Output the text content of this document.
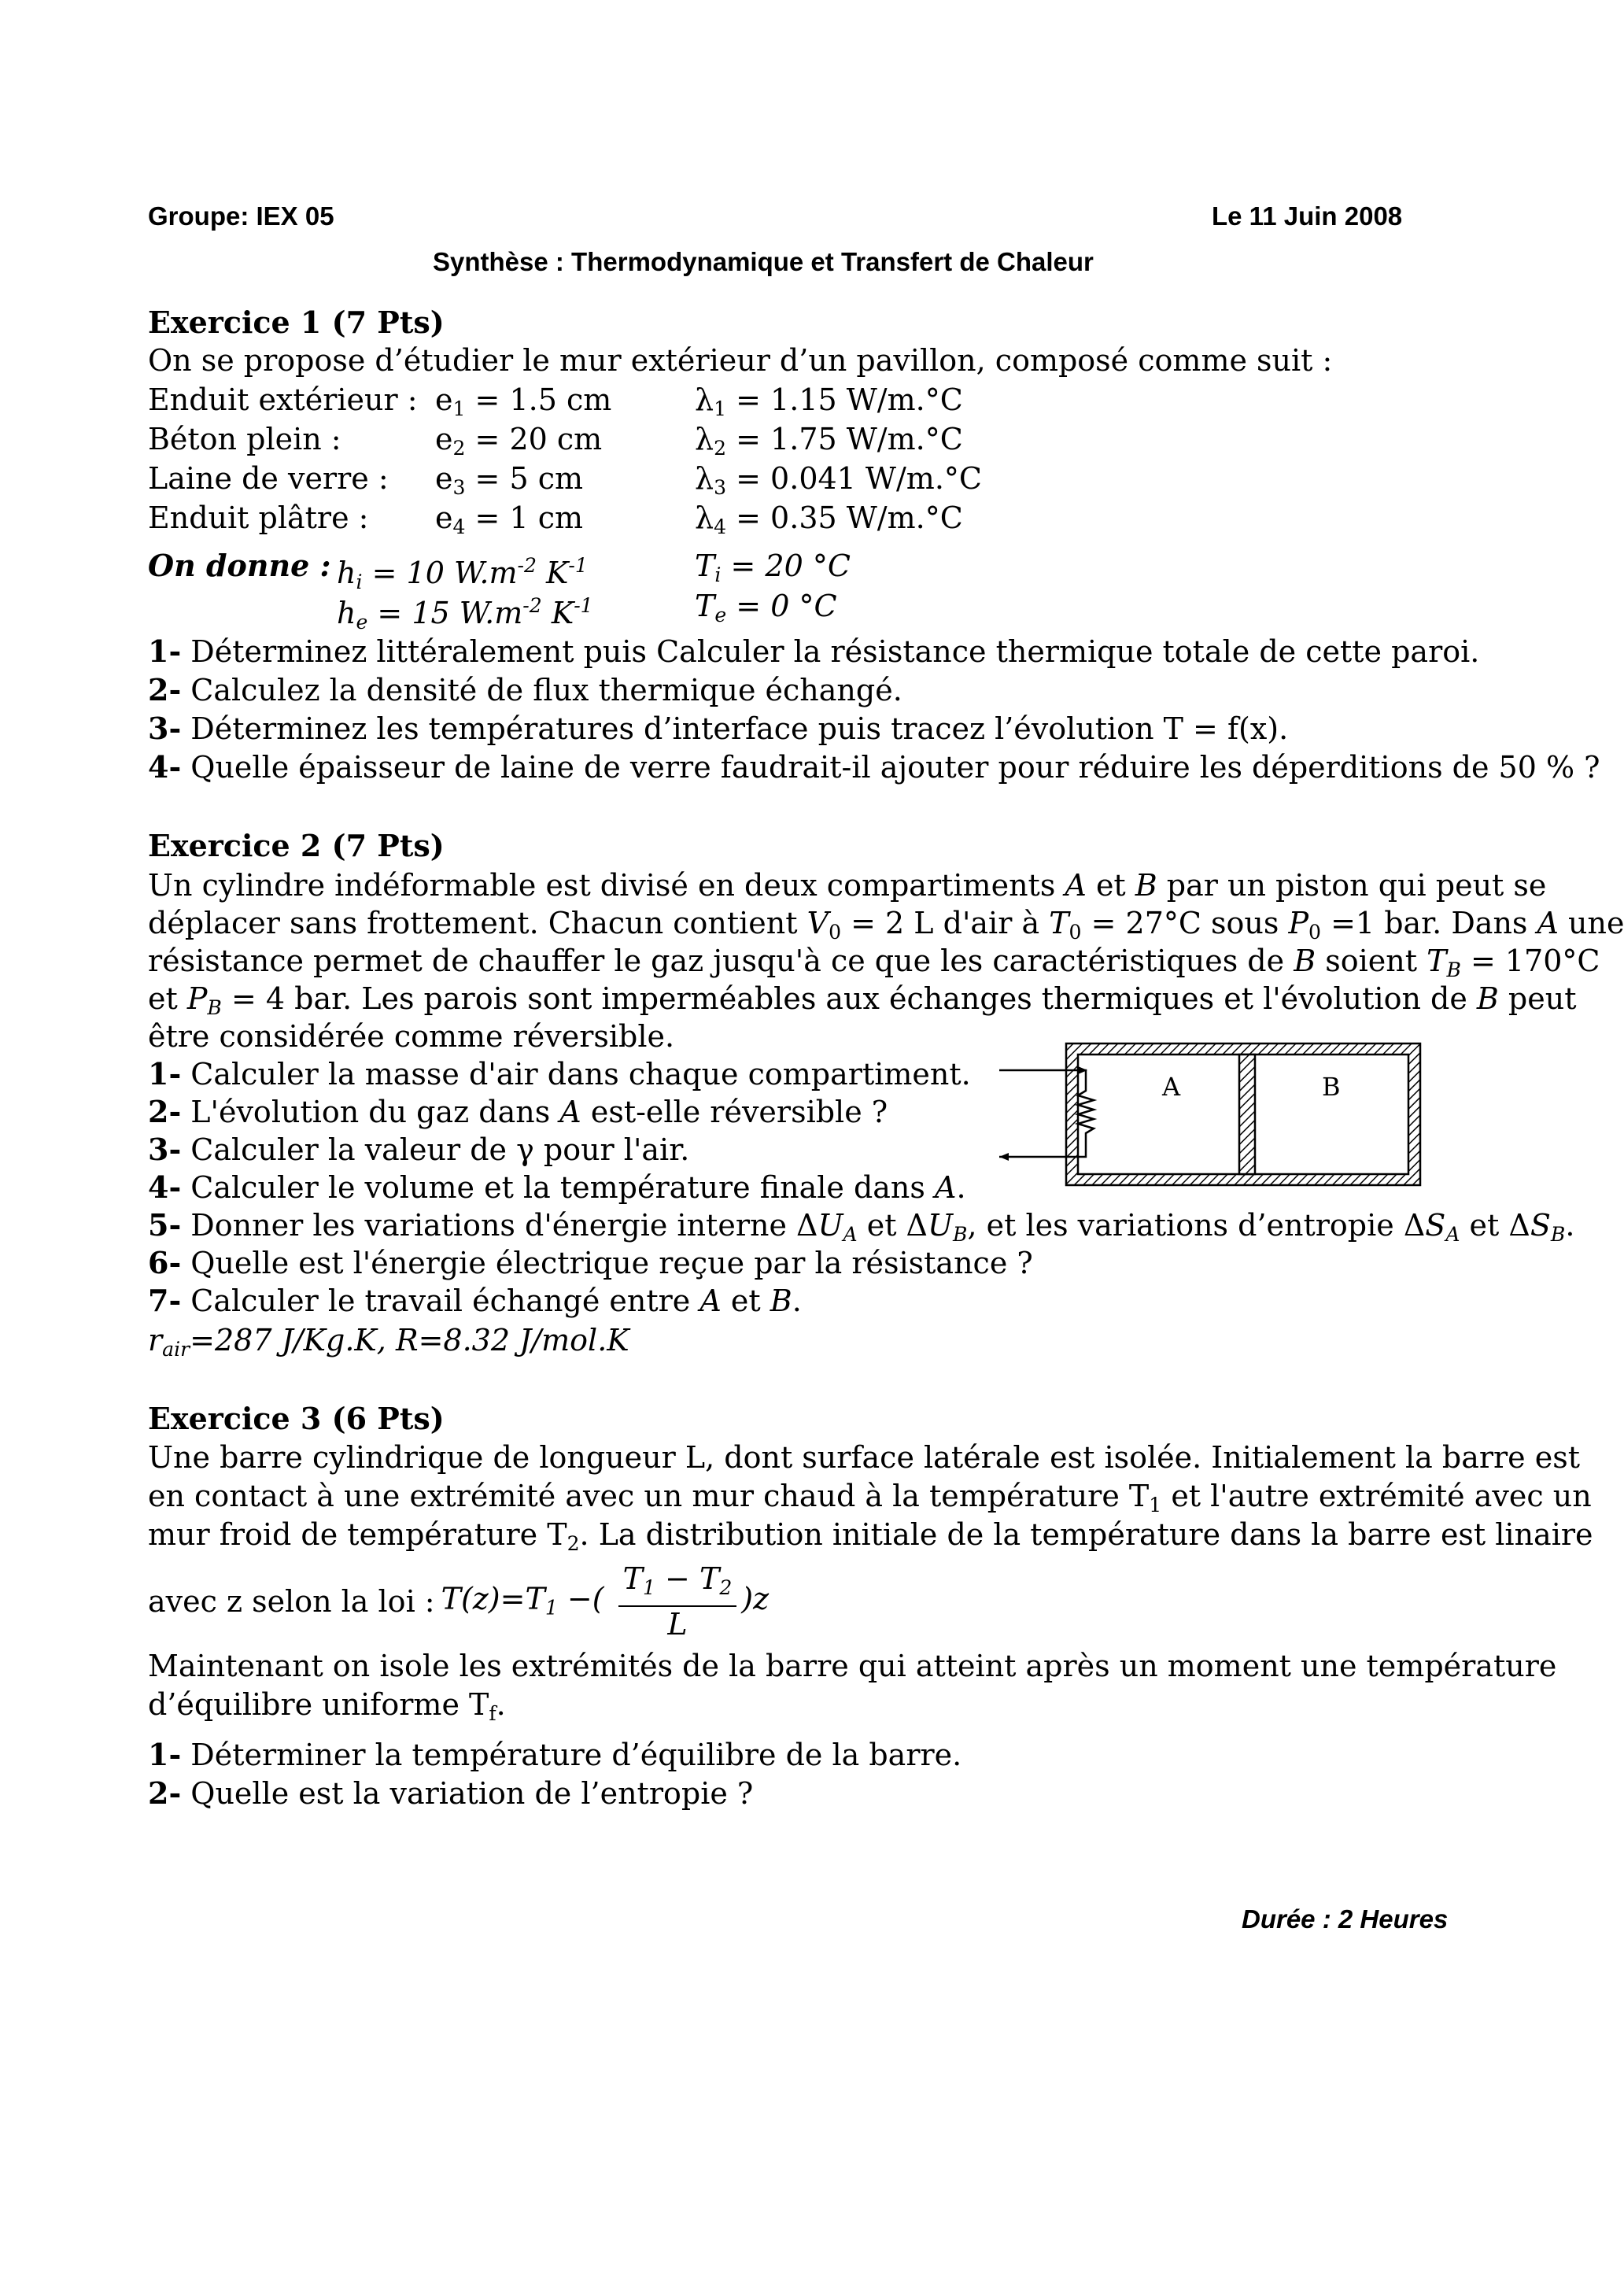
Groupe: IEX 05	Le 11 Juin 2008
Synthèse : Thermodynamique et Transfert de Chaleur
Exercice 1 (7 Pts)
On se propose d’étudier le mur extérieur d’un pavillon, composé comme suit :
Enduit extérieur : $e_1 = 1.5$ cm	$\lambda_1 = 1.15$ W/m.°C
Béton plein :	$e_2 = 20$ cm	$\lambda_2 = 1.75$ W/m.°C
Laine de verre : $e_3 = 5$ cm	$\lambda_3 = 0.041$ W/m.°C
Enduit plâtre : $e_4 = 1$ cm	$\lambda_4 = 0.35$ W/m.°C
On donne : $h_i = 10$ $W.m^{-2}$ $K^{-1}$	$T_i = 20$ °C
$h_e = 15$ $W.m^{-2}$ $K^{-1}$	$T_e = 0$ °C
1- Déterminez littéralement puis Calculer la résistance thermique totale de cette paroi.
2- Calculez la densité de flux thermique échangé.
3- Déterminez les températures d’interface puis tracez l’évolution T = f(x).
4- Quelle épaisseur de laine de verre faudrait-il ajouter pour réduire les déperditions de 50 % ?
Exercice 2 (7 Pts)
Un cylindre indéformable est divisé en deux compartiments A et B par un piston qui peut se
déplacer sans frottement. Chacun contient $V_0 = 2$ L d'air à $T_0 = 27^\circ C$ sous $P_0 =1$ bar. Dans A une
résistance permet de chauffer le gaz jusqu'à ce que les caractéristiques de B soient $T_B = 170^\circ C$
et $P_B = 4$ bar. Les parois sont imperméables aux échanges thermiques et l'évolution de B peut
être considérée comme réversible.
1- Calculer la masse d'air dans chaque compartiment.
2- L'évolution du gaz dans A est-elle réversible ?
3- Calculer la valeur de γ pour l'air.
4- Calculer le volume et la température finale dans A.
5- Donner les variations d'énergie interne $\Delta U_A$ et $\Delta U_B$, et les variations d’entropie $\Delta S_A$ et $\Delta S_B$.
6- Quelle est l'énergie électrique reçue par la résistance ?
7- Calculer le travail échangé entre A et B.
$r_{air}=287$ J/Kg.K, R=8.32 J/mol.K
A	B
Exercice 3 (6 Pts)
Une barre cylindrique de longueur L, dont surface latérale est isolée. Initialement la barre est
en contact à une extrémité avec un mur chaud à la température $T_1$ et l'autre extrémité avec un
mur froid de température $T_2$. La distribution initiale de la température dans la barre est linaire
avec z selon la loi : $T(z)=T_1$ −( $\frac{T_1 - T_2}{L} )z$
Maintenant on isole les extrémités de la barre qui atteint après un moment une température
d’équilibre uniforme $T_f$.
1- Déterminer la température d’équilibre de la barre.
2- Quelle est la variation de l’entropie ?
Durée : 2 Heures
